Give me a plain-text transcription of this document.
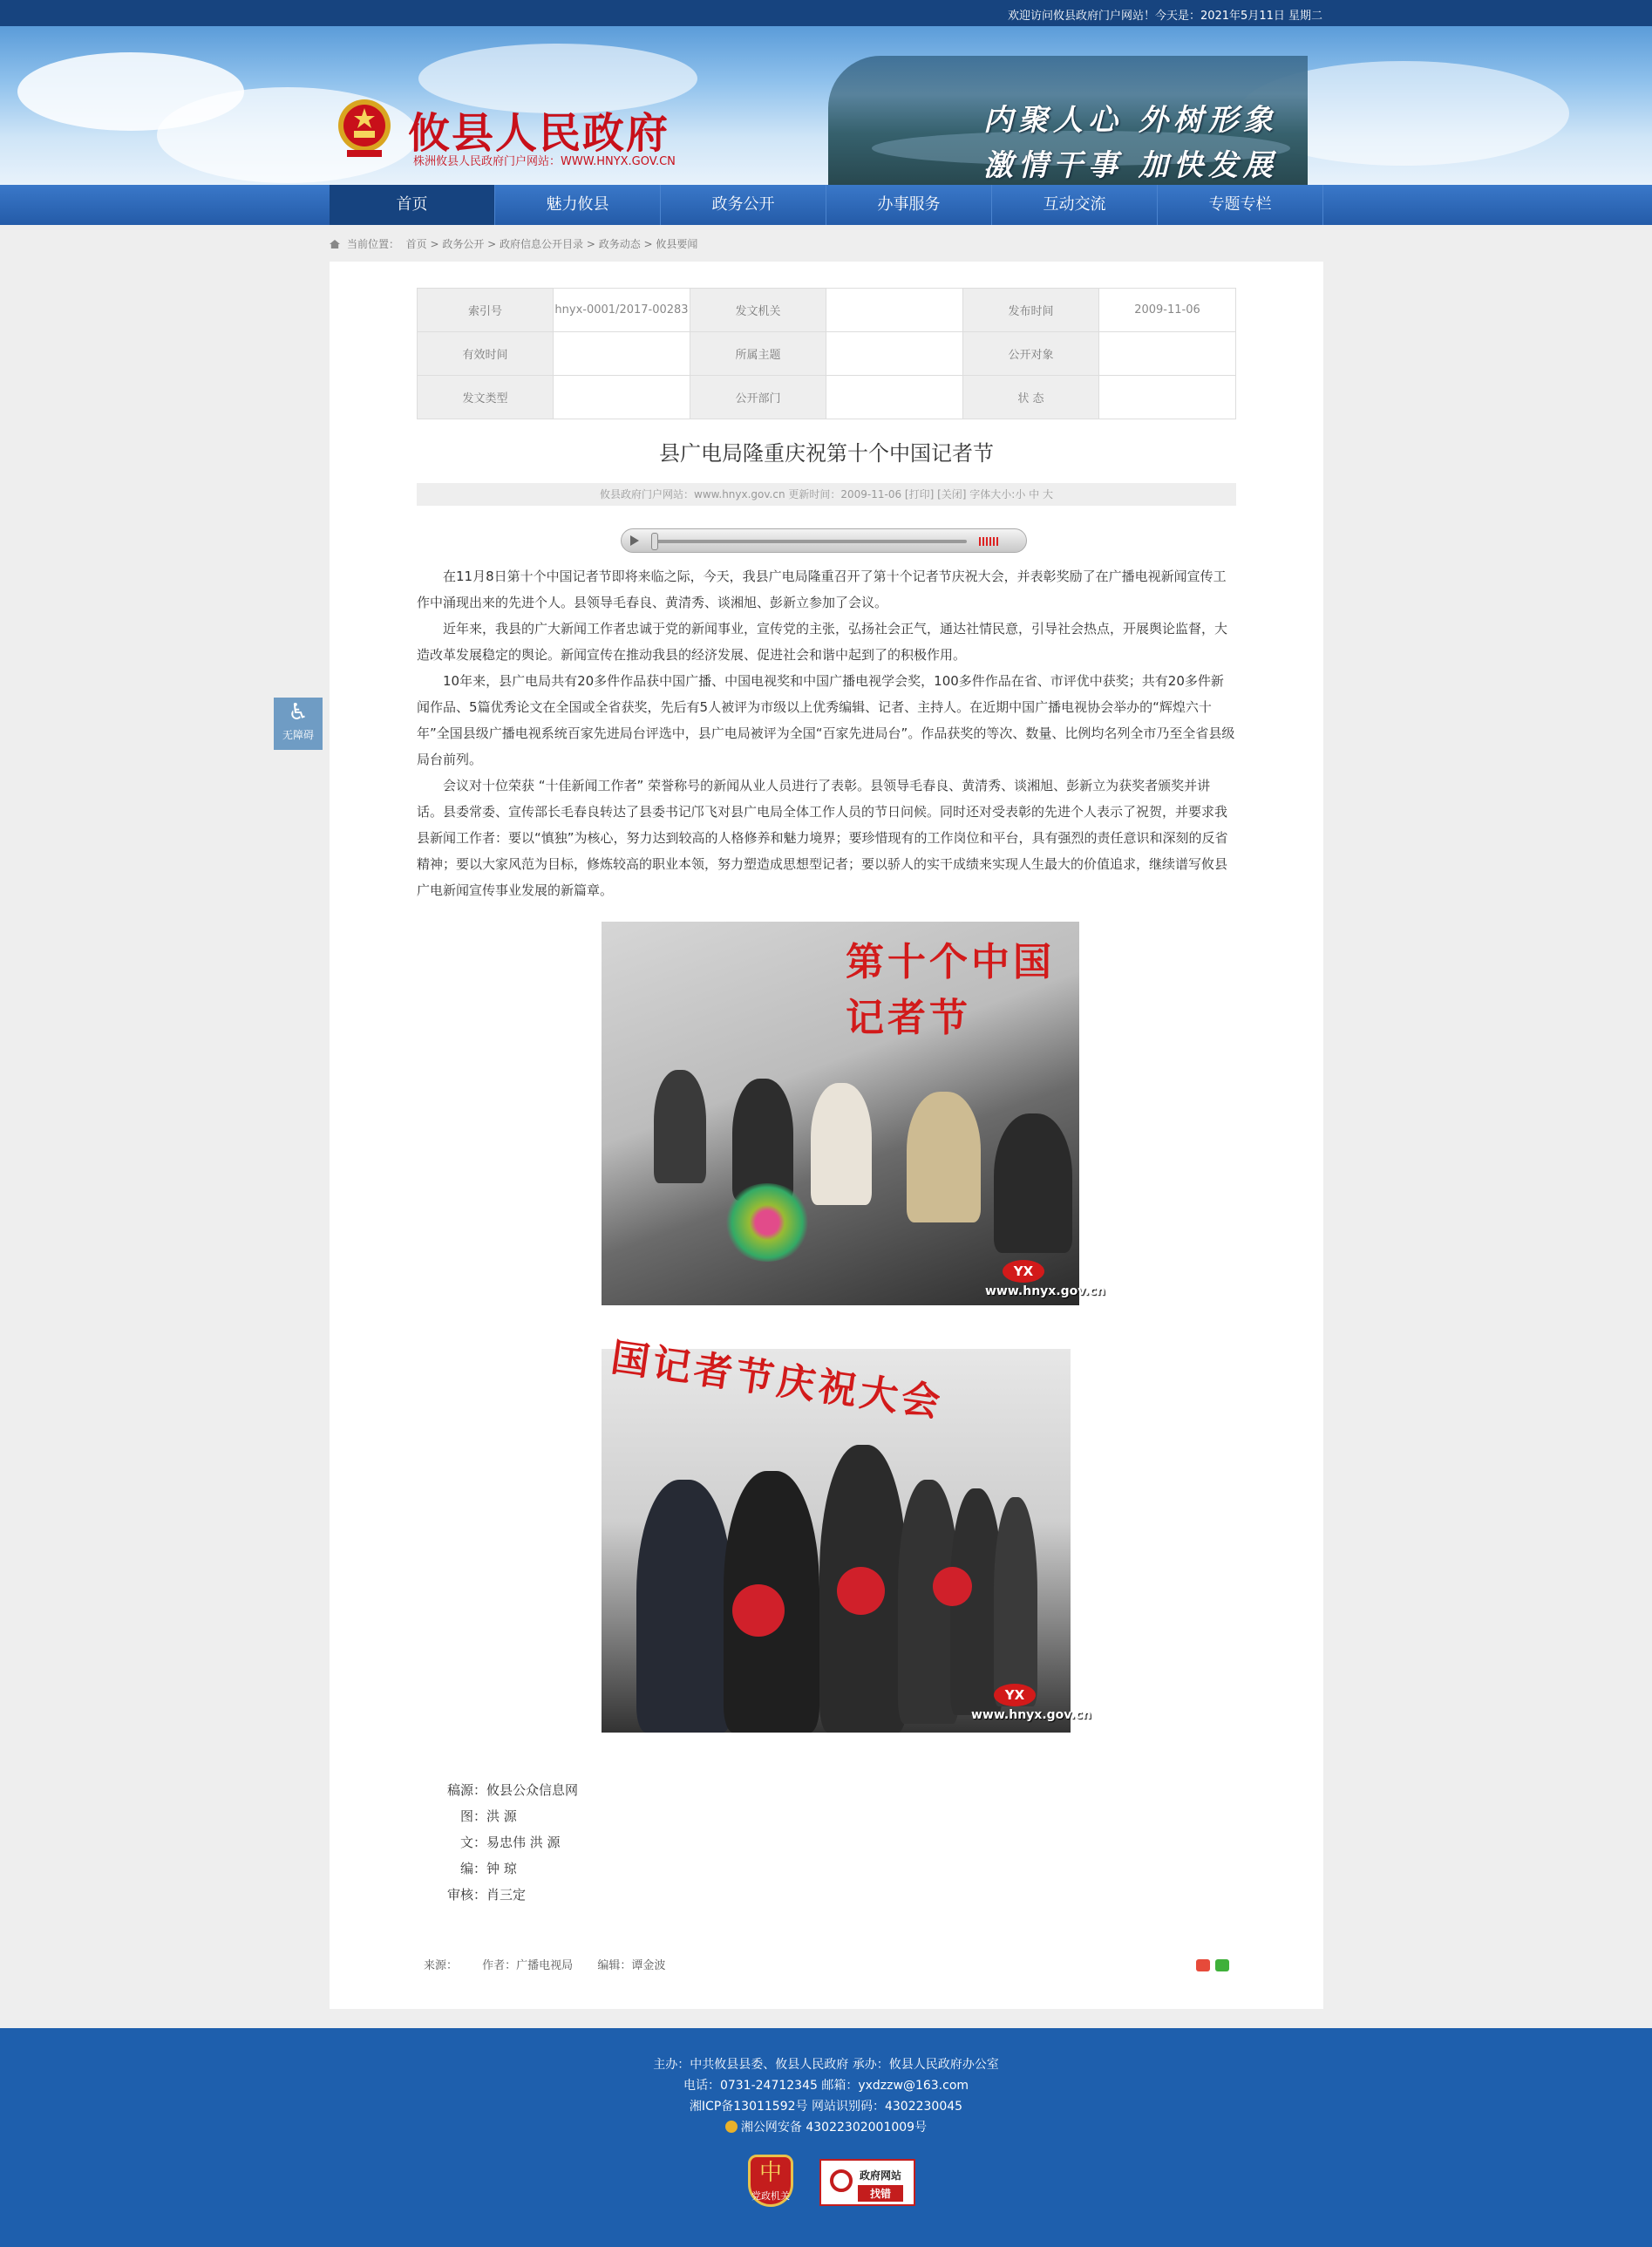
欢迎访问攸县政府门户网站！今天是：2021年5月11日 星期二
攸县人民政府
株洲攸县人民政府门户网站：WWW.HNYX.GOV.CN
内聚人心 外树形象
激情干事 加快发展
首页	魅力攸县	政务公开	办事服务	互动交流	专题专栏
当前位置： 首页 > 政务公开 > 政府信息公开目录 > 政务动态 > 攸县要闻
索引号	hnyx-0001/2017-00283	发文机关		发布时间	2009-11-06
有效时间		所属主题		公开对象	
发文类型		公开部门		状 态	
县广电局隆重庆祝第十个中国记者节
攸县政府门户网站：www.hnyx.gov.cn 更新时间：2009-11-06 [打印] [关闭] 字体大小:小 中 大

在11月8日第十个中国记者节即将来临之际，今天，我县广电局隆重召开了第十个记者节庆祝大会，并表彰奖励了在广播电视新闻宣传工作中涌现出来的先进个人。县领导毛春良、黄清秀、谈湘旭、彭新立参加了会议。

近年来，我县的广大新闻工作者忠诚于党的新闻事业，宣传党的主张，弘扬社会正气，通达社情民意，引导社会热点，开展舆论监督，大造改革发展稳定的舆论。新闻宣传在推动我县的经济发展、促进社会和谐中起到了的积极作用。

10年来，县广电局共有20多件作品获中国广播、中国电视奖和中国广播电视学会奖，100多件作品在省、市评优中获奖；共有20多件新闻作品、5篇优秀论文在全国或全省获奖，先后有5人被评为市级以上优秀编辑、记者、主持人。在近期中国广播电视协会举办的“辉煌六十年”全国县级广播电视系统百家先进局台评选中，县广电局被评为全国“百家先进局台”。作品获奖的等次、数量、比例均名列全市乃至全省县级局台前列。

会议对十位荣获 “十佳新闻工作者” 荣誉称号的新闻从业人员进行了表彰。县领导毛春良、黄清秀、谈湘旭、彭新立为获奖者颁奖并讲话。县委常委、宣传部长毛春良转达了县委书记邝飞对县广电局全体工作人员的节日问候。同时还对受表彰的先进个人表示了祝贺，并要求我县新闻工作者：要以“慎独”为核心，努力达到较高的人格修养和魅力境界；要珍惜现有的工作岗位和平台，具有强烈的责任意识和深刻的反省精神；要以大家风范为目标，修炼较高的职业本领，努力塑造成思想型记者；要以骄人的实干成绩来实现人生最大的价值追求，继续谱写攸县广电新闻宣传事业发展的新篇章。

第十个中国记者节
YX
www.hnyx.gov.cn
国记者节庆祝大会
YX
www.hnyx.gov.cn
稿源： 攸县公众信息网
图： 洪 源
文： 易忠伟 洪 源
编： 钟 琼
审核： 肖三定
来源： 作者：广播电视局 编辑：谭金波
♿
无障碍
主办：中共攸县县委、攸县人民政府 承办：攸县人民政府办公室
电话：0731-24712345 邮箱：yxdzzw@163.com
湘ICP备13011592号 网站识别码：4302230045
湘公网安备 43022302001009号
中
党政机关
政府网站
找错
